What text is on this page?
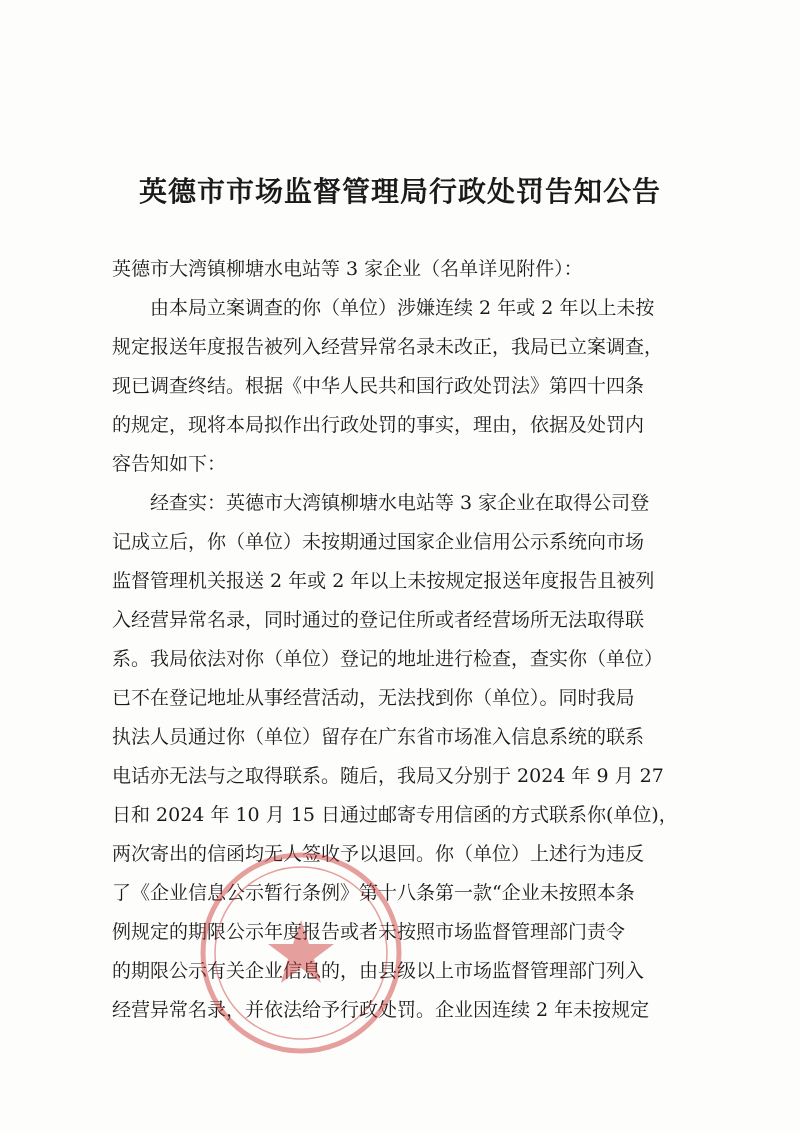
英德市市场监督管理局行政处罚告知公告
英德市大湾镇柳塘水电站等 3 家企业（名单详见附件）：
由本局立案调查的你（单位）涉嫌连续 2 年或 2 年以上未按
规定报送年度报告被列入经营异常名录未改正，我局已立案调查，
现已调查终结。根据《中华人民共和国行政处罚法》第四十四条
的规定，现将本局拟作出行政处罚的事实，理由，依据及处罚内
容告知如下：
经查实：英德市大湾镇柳塘水电站等 3 家企业在取得公司登
记成立后，你（单位）未按期通过国家企业信用公示系统向市场
监督管理机关报送 2 年或 2 年以上未按规定报送年度报告且被列
入经营异常名录，同时通过的登记住所或者经营场所无法取得联
系。我局依法对你（单位）登记的地址进行检查，查实你（单位）
已不在登记地址从事经营活动，无法找到你（单位）。同时我局
执法人员通过你（单位）留存在广东省市场准入信息系统的联系
电话亦无法与之取得联系。随后，我局又分别于 2024 年 9 月 27
日和 2024 年 10 月 15 日通过邮寄专用信函的方式联系你(单位)，
两次寄出的信函均无人签收予以退回。你（单位）上述行为违反
了《企业信息公示暂行条例》第十八条第一款“企业未按照本条
例规定的期限公示年度报告或者未按照市场监督管理部门责令
的期限公示有关企业信息的，由县级以上市场监督管理部门列入
经营异常名录，并依法给予行政处罚。企业因连续 2 年未按规定
